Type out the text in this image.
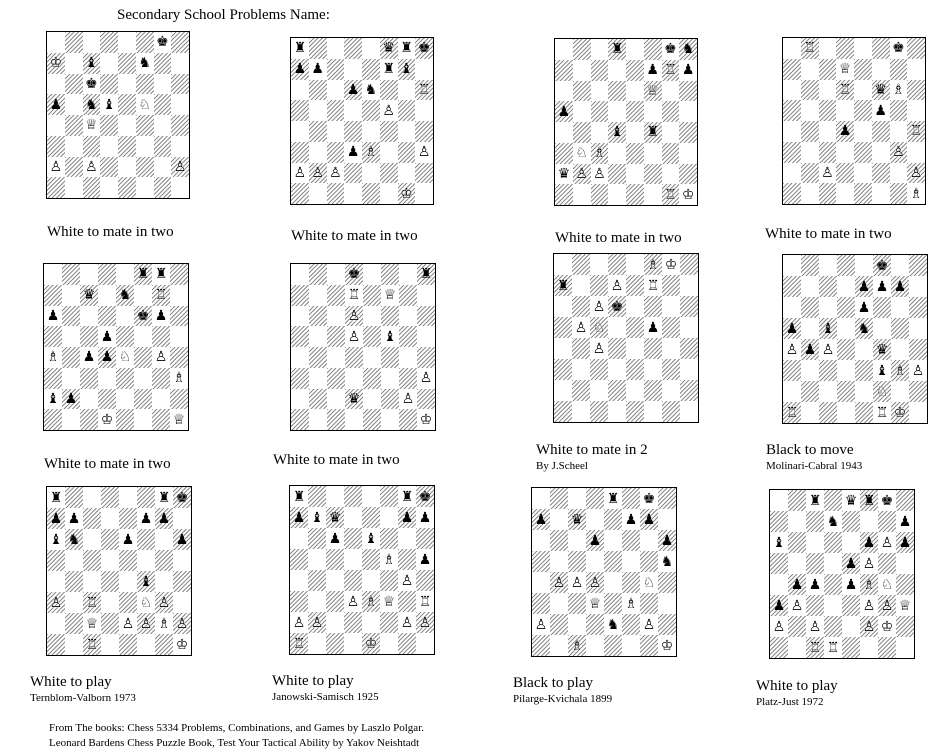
Secondary School Problems Name:
♚
♔ ♝	♞
♚
♟ ♞ ♝ ♘
♕
♙ ♙	♙
White to mate in two
♜	♛ ♜ ♚
♟ ♟	♜ ♝
♟ ♞	♖
♙
♟ ♗	♙
♙ ♙ ♙
♔
White to mate in two
♜	♚ ♞
♟ ♖ ♟
♕
♟
♝ ♜
♘ ♗
♛ ♙ ♙
♖ ♔
White to mate in two
♖	♚
♕
♖ ♛ ♗
♟
♟	♖
♙
♙	♙
♗
White to mate in two
♜ ♜
♛ ♞ ♖
♟	♚ ♟
♟
♗ ♟ ♟ ♘ ♙
♗
♝ ♟
♔	♕
White to mate in two
♚	♜
♖ ♕
♙
♙ ♝
♙
♛	♙
♔
White to mate in two
♗ ♔
♜	♙ ♖
♙ ♚
♙ ♘	♟
♙
White to mate in 2
By J.Scheel
♚
♟ ♟ ♟
♟
♟ ♝ ♞
♙ ♟ ♙	♛
♝ ♗ ♙
♘
♖	♖ ♔
Black to move
Molinari-Cabral 1943
♜	♜ ♚
♟ ♟	♟ ♟
♝ ♞	♟	♟
♝
♙ ♖	♘ ♙
♕ ♙ ♙ ♗ ♙
♖	♔
White to play
Ternblom-Valborn 1973
♜	♜ ♚
♟ ♝ ♛	♟ ♟
♟ ♝
♗ ♟
♙
♙ ♗ ♕ ♖
♙ ♙	♙ ♙
♖	♔
White to play
Janowski-Samisch 1925
♜ ♚
♟ ♛	♟ ♟
♟	♟
♞
♙ ♙ ♙	♘
♕ ♗
♙	♞ ♙
♗	♔
Black to play
Pilarge-Kvichala 1899
♜ ♛ ♜ ♚
♞	♟
♝	♟ ♙ ♟
♟ ♙
♟ ♟ ♟ ♗ ♘
♟ ♙	♙ ♙ ♕
♙ ♙	♙ ♔
♖ ♖
White to play
Platz-Just 1972
From The books: Chess 5334 Problems, Combinations, and Games by Laszlo Polgar.
Leonard Bardens Chess Puzzle Book, Test Your Tactical Ability by Yakov Neishtadt
